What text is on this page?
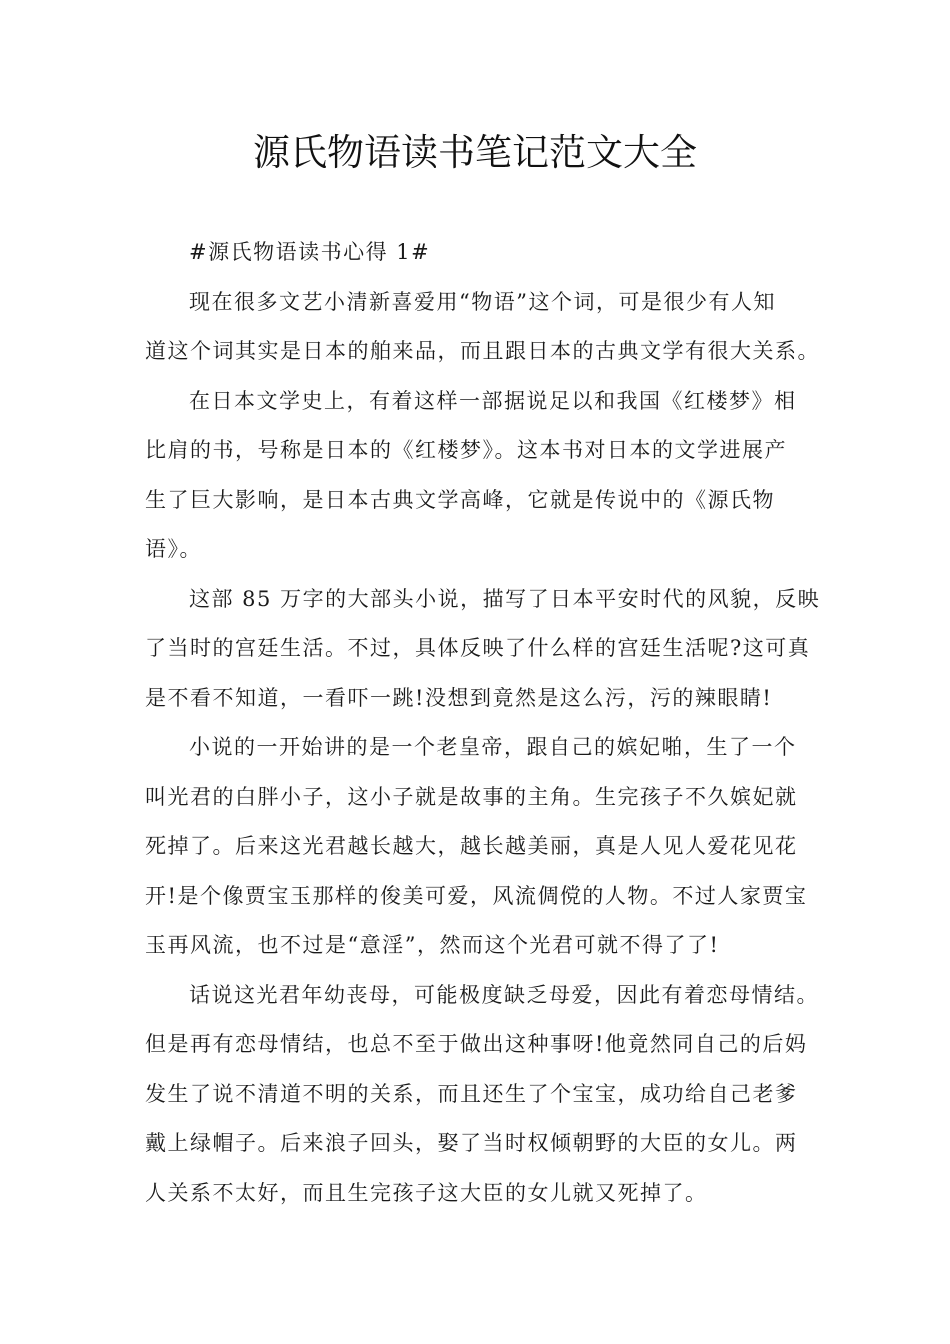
源氏物语读书笔记范文大全

#源氏物语读书心得 1#

现在很多文艺小清新喜爱用“物语”这个词，可是很少有人知
道这个词其实是日本的舶来品，而且跟日本的古典文学有很大关系。

在日本文学史上，有着这样一部据说足以和我国《红楼梦》相
比肩的书，号称是日本的《红楼梦》。这本书对日本的文学进展产
生了巨大影响，是日本古典文学高峰，它就是传说中的《源氏物
语》。

这部 85 万字的大部头小说，描写了日本平安时代的风貌，反映
了当时的宫廷生活。不过，具体反映了什么样的宫廷生活呢?这可真
是不看不知道，一看吓一跳!没想到竟然是这么污，污的辣眼睛!

小说的一开始讲的是一个老皇帝，跟自己的嫔妃啪，生了一个
叫光君的白胖小子，这小子就是故事的主角。生完孩子不久嫔妃就
死掉了。后来这光君越长越大，越长越美丽，真是人见人爱花见花
开!是个像贾宝玉那样的俊美可爱，风流倜傥的人物。不过人家贾宝
玉再风流，也不过是“意淫”，然而这个光君可就不得了了!

话说这光君年幼丧母，可能极度缺乏母爱，因此有着恋母情结。
但是再有恋母情结，也总不至于做出这种事呀!他竟然同自己的后妈
发生了说不清道不明的关系，而且还生了个宝宝，成功给自己老爹
戴上绿帽子。后来浪子回头，娶了当时权倾朝野的大臣的女儿。两
人关系不太好，而且生完孩子这大臣的女儿就又死掉了。
